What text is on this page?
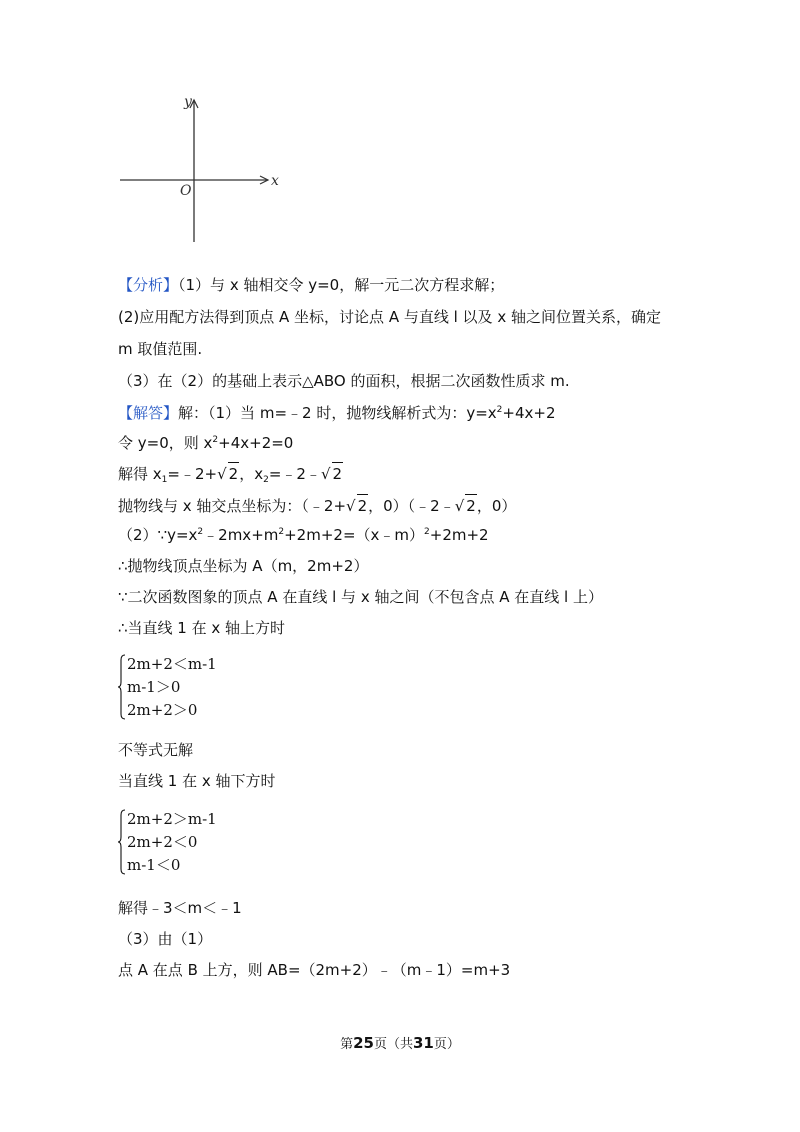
y
x
O
【分析】（1）与 x 轴相交令 y=0，解一元二次方程求解；
(2)应用配方法得到顶点 A 坐标，讨论点 A 与直线 l 以及 x 轴之间位置关系，确定
m 取值范围.
（3）在（2）的基础上表示△ABO 的面积，根据二次函数性质求 m.
【解答】解：（1）当 m=﹣2 时，抛物线解析式为：$y=x^2+4x+2$
令 y=0，则 $x^2+4x+2=0$
解得 $x_1=﹣2+√$ 2，$x_2=﹣2﹣√$ 2
抛物线与 x 轴交点坐标为：（﹣2+√ 2，0）（﹣2﹣√ 2，0）
$(2)\because y=x^2﹣2mx+m^2+2m+2=(x﹣m)^2+2m+2$
∴抛物线顶点坐标为 A（m，2m+2）
∵二次函数图象的顶点 A 在直线 l 与 x 轴之间（不包含点 A 在直线 l 上）
∴当直线 1 在 x 轴上方时
2m+2＜m-1
m-1＞0
2m+2＞0
不等式无解
当直线 1 在 x 轴下方时
2m+2＞m-1
2m+2＜0
m-1＜0
解得﹣3＜m＜﹣1
（3）由（1）
点 A 在点 B 上方，则 AB=（2m+2）﹣（m﹣1）=m+3
第25页（共31页）
